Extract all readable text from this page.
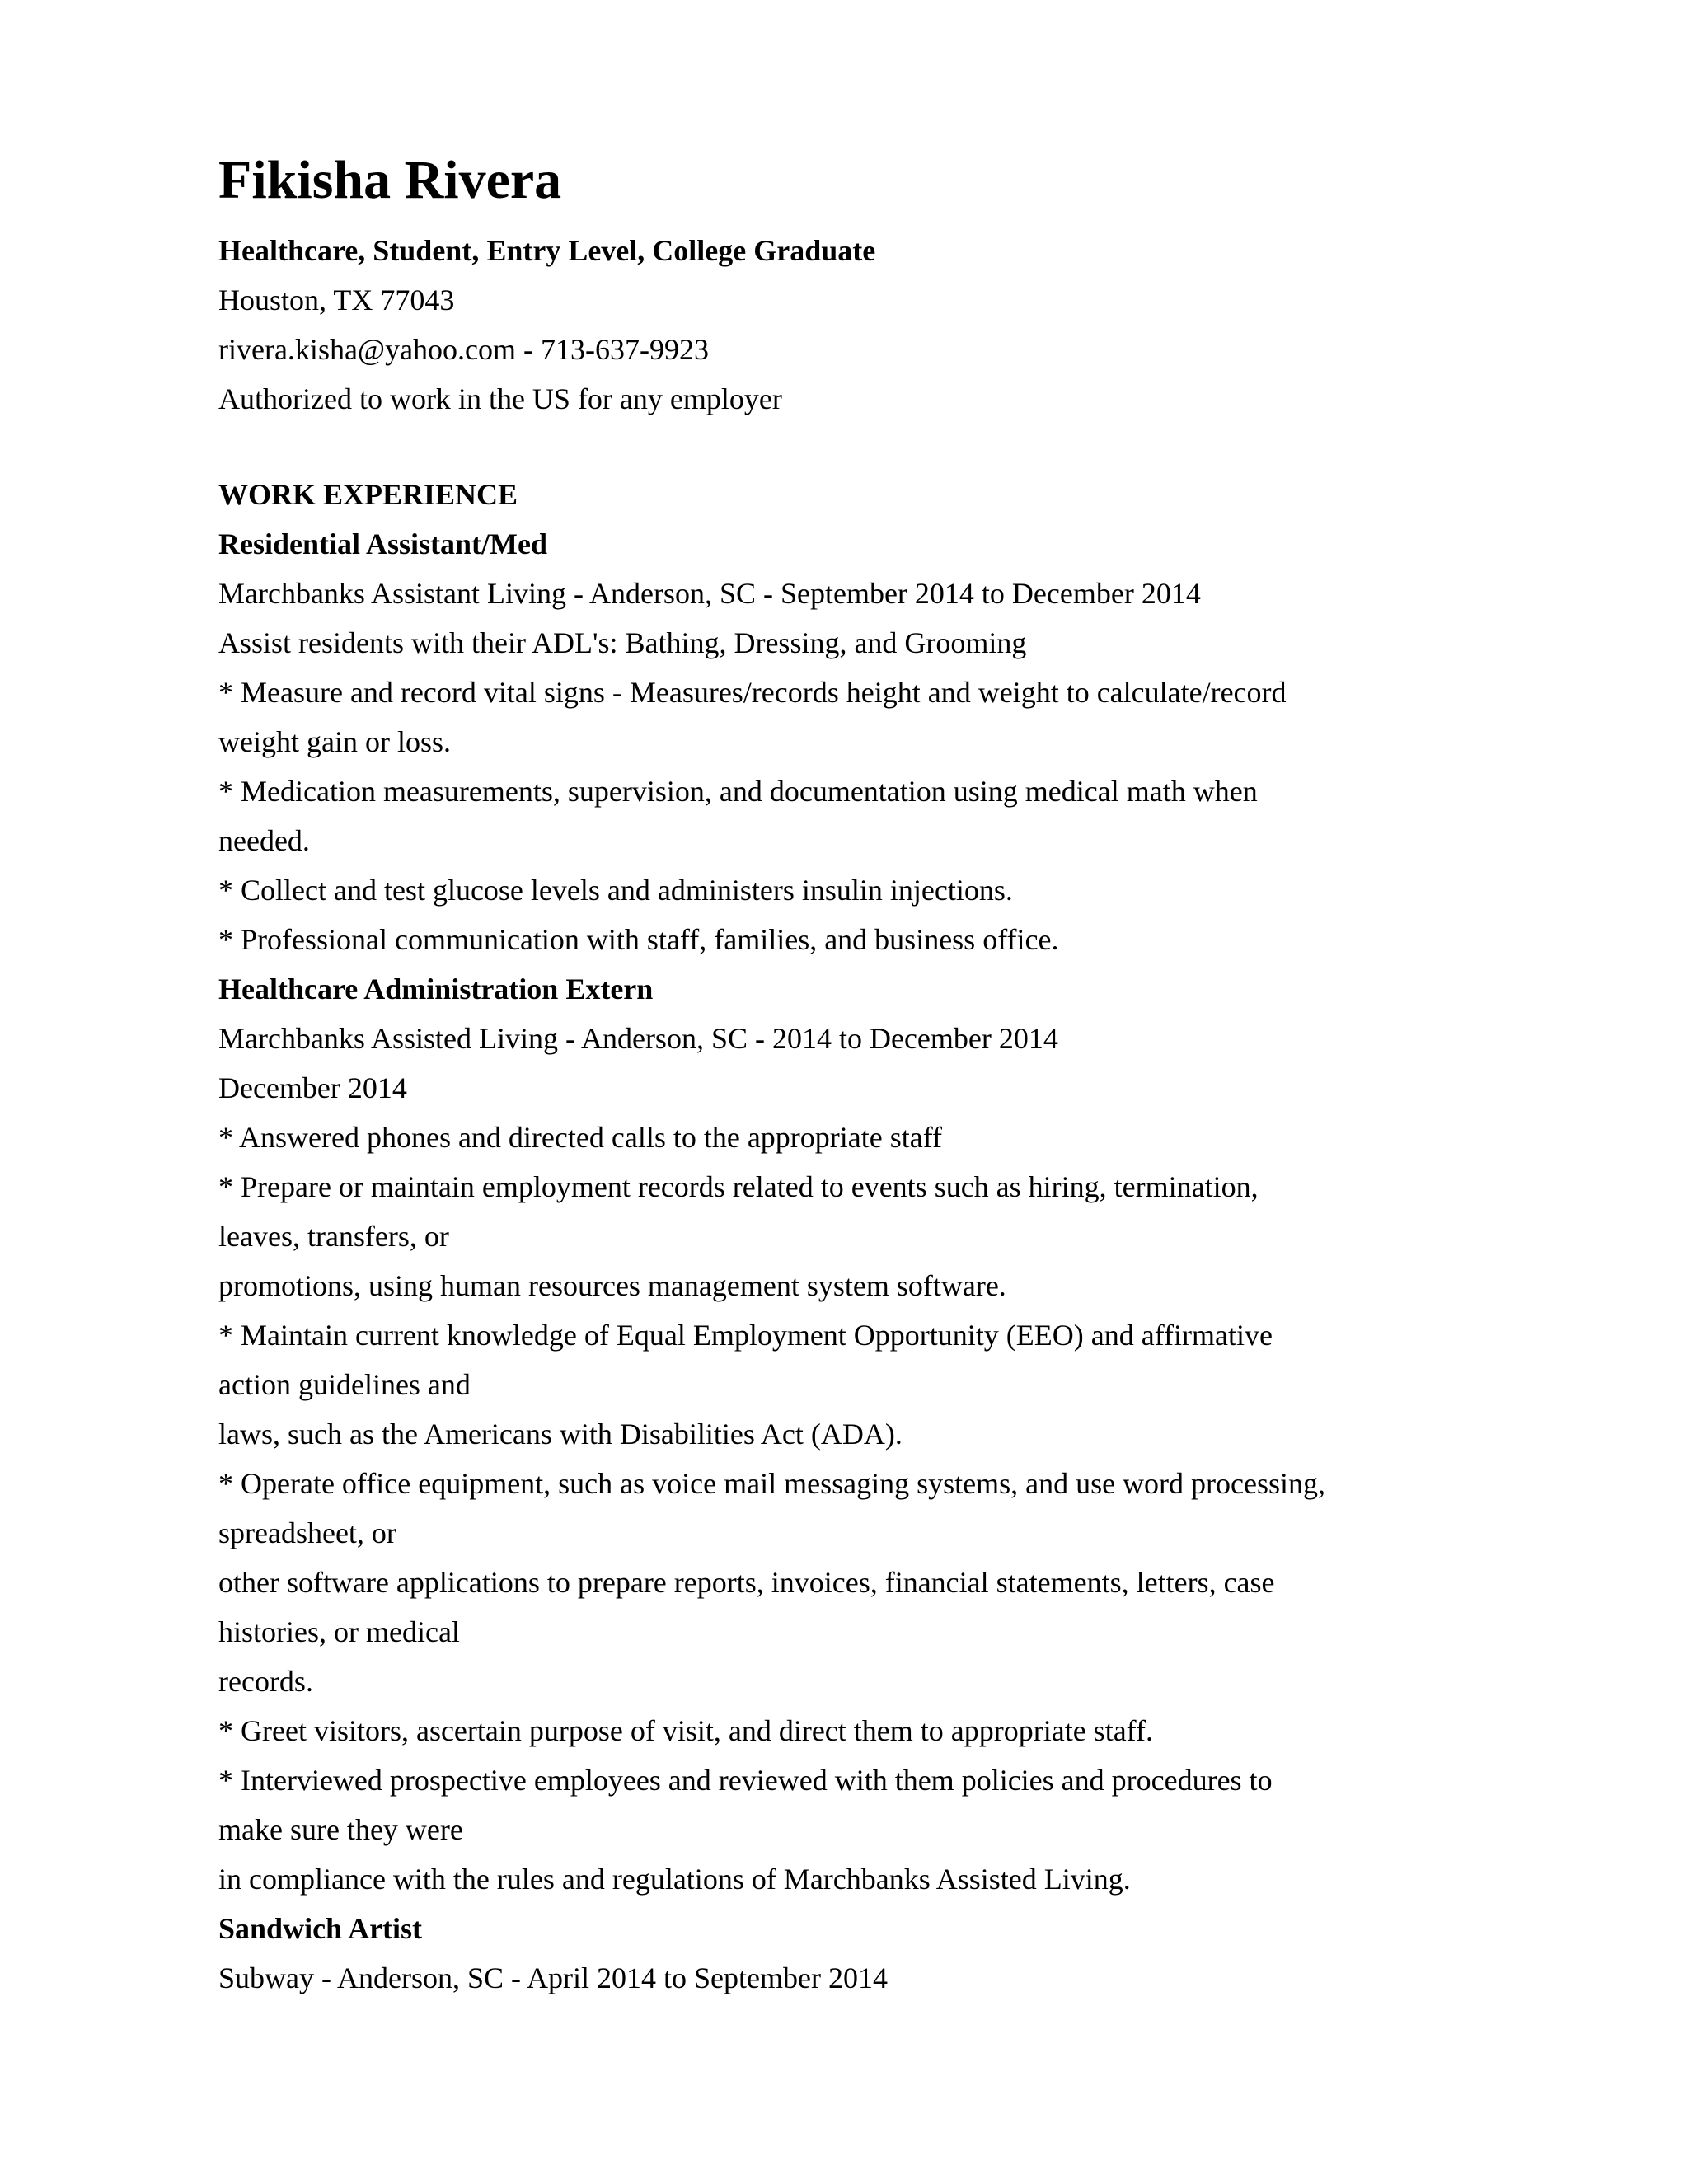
Fikisha Rivera
Healthcare, Student, Entry Level, College Graduate
Houston, TX 77043
rivera.kisha@yahoo.com - 713-637-9923
Authorized to work in the US for any employer
WORK EXPERIENCE
Residential Assistant/Med
Marchbanks Assistant Living - Anderson, SC - September 2014 to December 2014
Assist residents with their ADL's: Bathing, Dressing, and Grooming
* Measure and record vital signs - Measures/records height and weight to calculate/record
weight gain or loss.
* Medication measurements, supervision, and documentation using medical math when
needed.
* Collect and test glucose levels and administers insulin injections.
* Professional communication with staff, families, and business office.
Healthcare Administration Extern
Marchbanks Assisted Living - Anderson, SC - 2014 to December 2014
December 2014
* Answered phones and directed calls to the appropriate staff
* Prepare or maintain employment records related to events such as hiring, termination,
leaves, transfers, or
promotions, using human resources management system software.
* Maintain current knowledge of Equal Employment Opportunity (EEO) and affirmative
action guidelines and
laws, such as the Americans with Disabilities Act (ADA).
* Operate office equipment, such as voice mail messaging systems, and use word processing,
spreadsheet, or
other software applications to prepare reports, invoices, financial statements, letters, case
histories, or medical
records.
* Greet visitors, ascertain purpose of visit, and direct them to appropriate staff.
* Interviewed prospective employees and reviewed with them policies and procedures to
make sure they were
in compliance with the rules and regulations of Marchbanks Assisted Living.
Sandwich Artist
Subway - Anderson, SC - April 2014 to September 2014
